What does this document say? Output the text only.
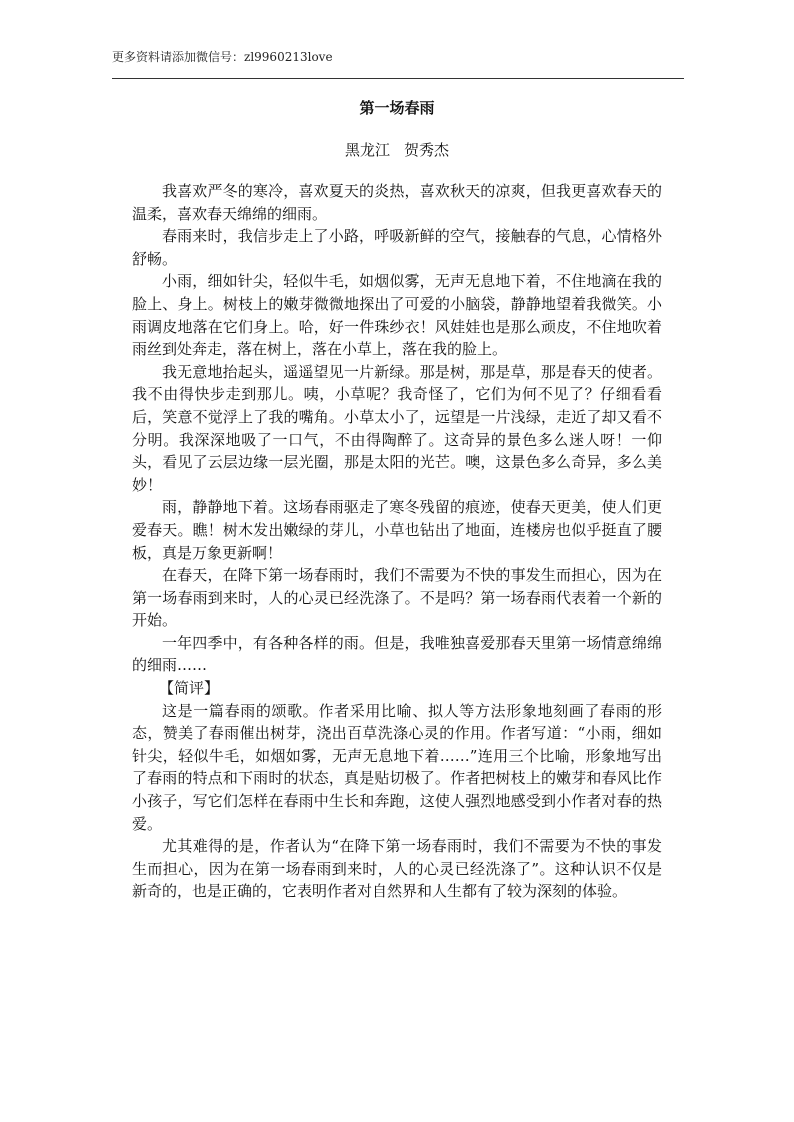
更多资料请添加微信号：zl9960213love
第一场春雨
黑龙江 贺秀杰

我喜欢严冬的寒冷，喜欢夏天的炎热，喜欢秋天的凉爽，但我更喜欢春天的温柔，喜欢春天绵绵的细雨。

春雨来时，我信步走上了小路，呼吸新鲜的空气，接触春的气息，心情格外舒畅。

小雨，细如针尖，轻似牛毛，如烟似雾，无声无息地下着，不住地滴在我的脸上、身上。树枝上的嫩芽微微地探出了可爱的小脑袋，静静地望着我微笑。小雨调皮地落在它们身上。哈，好一件珠纱衣！风娃娃也是那么顽皮，不住地吹着雨丝到处奔走，落在树上，落在小草上，落在我的脸上。

我无意地抬起头，遥遥望见一片新绿。那是树，那是草，那是春天的使者。我不由得快步走到那儿。咦，小草呢？我奇怪了，它们为何不见了？仔细看看后，笑意不觉浮上了我的嘴角。小草太小了，远望是一片浅绿，走近了却又看不分明。我深深地吸了一口气，不由得陶醉了。这奇异的景色多么迷人呀！一仰头，看见了云层边缘一层光圈，那是太阳的光芒。噢，这景色多么奇异，多么美妙！

雨，静静地下着。这场春雨驱走了寒冬残留的痕迹，使春天更美，使人们更爱春天。瞧！树木发出嫩绿的芽儿，小草也钻出了地面，连楼房也似乎挺直了腰板，真是万象更新啊！

在春天，在降下第一场春雨时，我们不需要为不快的事发生而担心，因为在第一场春雨到来时，人的心灵已经洗涤了。不是吗？第一场春雨代表着一个新的开始。

一年四季中，有各种各样的雨。但是，我唯独喜爱那春天里第一场情意绵绵的细雨……

【简评】

这是一篇春雨的颂歌。作者采用比喻、拟人等方法形象地刻画了春雨的形态，赞美了春雨催出树芽，浇出百草洗涤心灵的作用。作者写道：“小雨，细如针尖，轻似牛毛，如烟如雾，无声无息地下着……”连用三个比喻，形象地写出了春雨的特点和下雨时的状态，真是贴切极了。作者把树枝上的嫩芽和春风比作小孩子，写它们怎样在春雨中生长和奔跑，这使人强烈地感受到小作者对春的热爱。

尤其难得的是，作者认为“在降下第一场春雨时，我们不需要为不快的事发生而担心，因为在第一场春雨到来时，人的心灵已经洗涤了”。这种认识不仅是新奇的，也是正确的，它表明作者对自然界和人生都有了较为深刻的体验。
